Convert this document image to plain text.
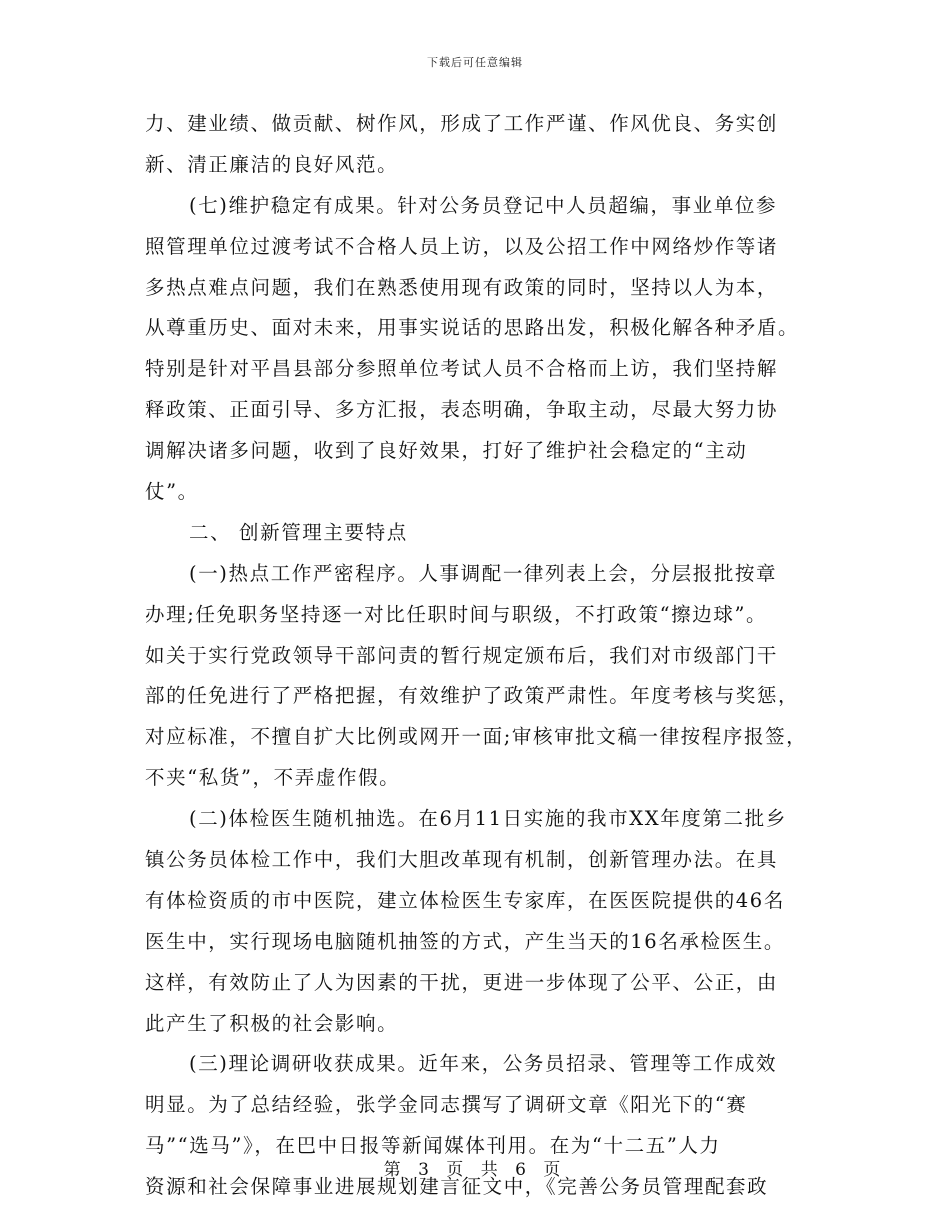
下载后可任意编辑
力、建业绩、做贡献、树作风，形成了工作严谨、作风优良、务实创
新、清正廉洁的良好风范。
(七)维护稳定有成果。针对公务员登记中人员超编，事业单位参
照管理单位过渡考试不合格人员上访，以及公招工作中网络炒作等诸
多热点难点问题，我们在熟悉使用现有政策的同时，坚持以人为本，
从尊重历史、面对未来，用事实说话的思路出发，积极化解各种矛盾。
特别是针对平昌县部分参照单位考试人员不合格而上访，我们坚持解
释政策、正面引导、多方汇报，表态明确，争取主动，尽最大努力协
调解决诸多问题，收到了良好效果，打好了维护社会稳定的“主动
仗”。
二、 创新管理主要特点
(一)热点工作严密程序。人事调配一律列表上会，分层报批按章
办理;任免职务坚持逐一对比任职时间与职级，不打政策“擦边球”。
如关于实行党政领导干部问责的暂行规定颁布后，我们对市级部门干
部的任免进行了严格把握，有效维护了政策严肃性。年度考核与奖惩，
对应标准，不擅自扩大比例或网开一面;审核审批文稿一律按程序报签，
不夹“私货”，不弄虚作假。
(二)体检医生随机抽选。在6月11日实施的我市XX年度第二批乡
镇公务员体检工作中，我们大胆改革现有机制，创新管理办法。在具
有体检资质的市中医院，建立体检医生专家库，在医医院提供的46名
医生中，实行现场电脑随机抽签的方式，产生当天的16名承检医生。
这样，有效防止了人为因素的干扰，更进一步体现了公平、公正，由
此产生了积极的社会影响。
(三)理论调研收获成果。近年来，公务员招录、管理等工作成效
明显。为了总结经验，张学金同志撰写了调研文章《阳光下的“赛
马”“选马”》，在巴中日报等新闻媒体刊用。在为“十二五”人力
资源和社会保障事业进展规划建言征文中，《完善公务员管理配套政
第 3 页 共 6 页
